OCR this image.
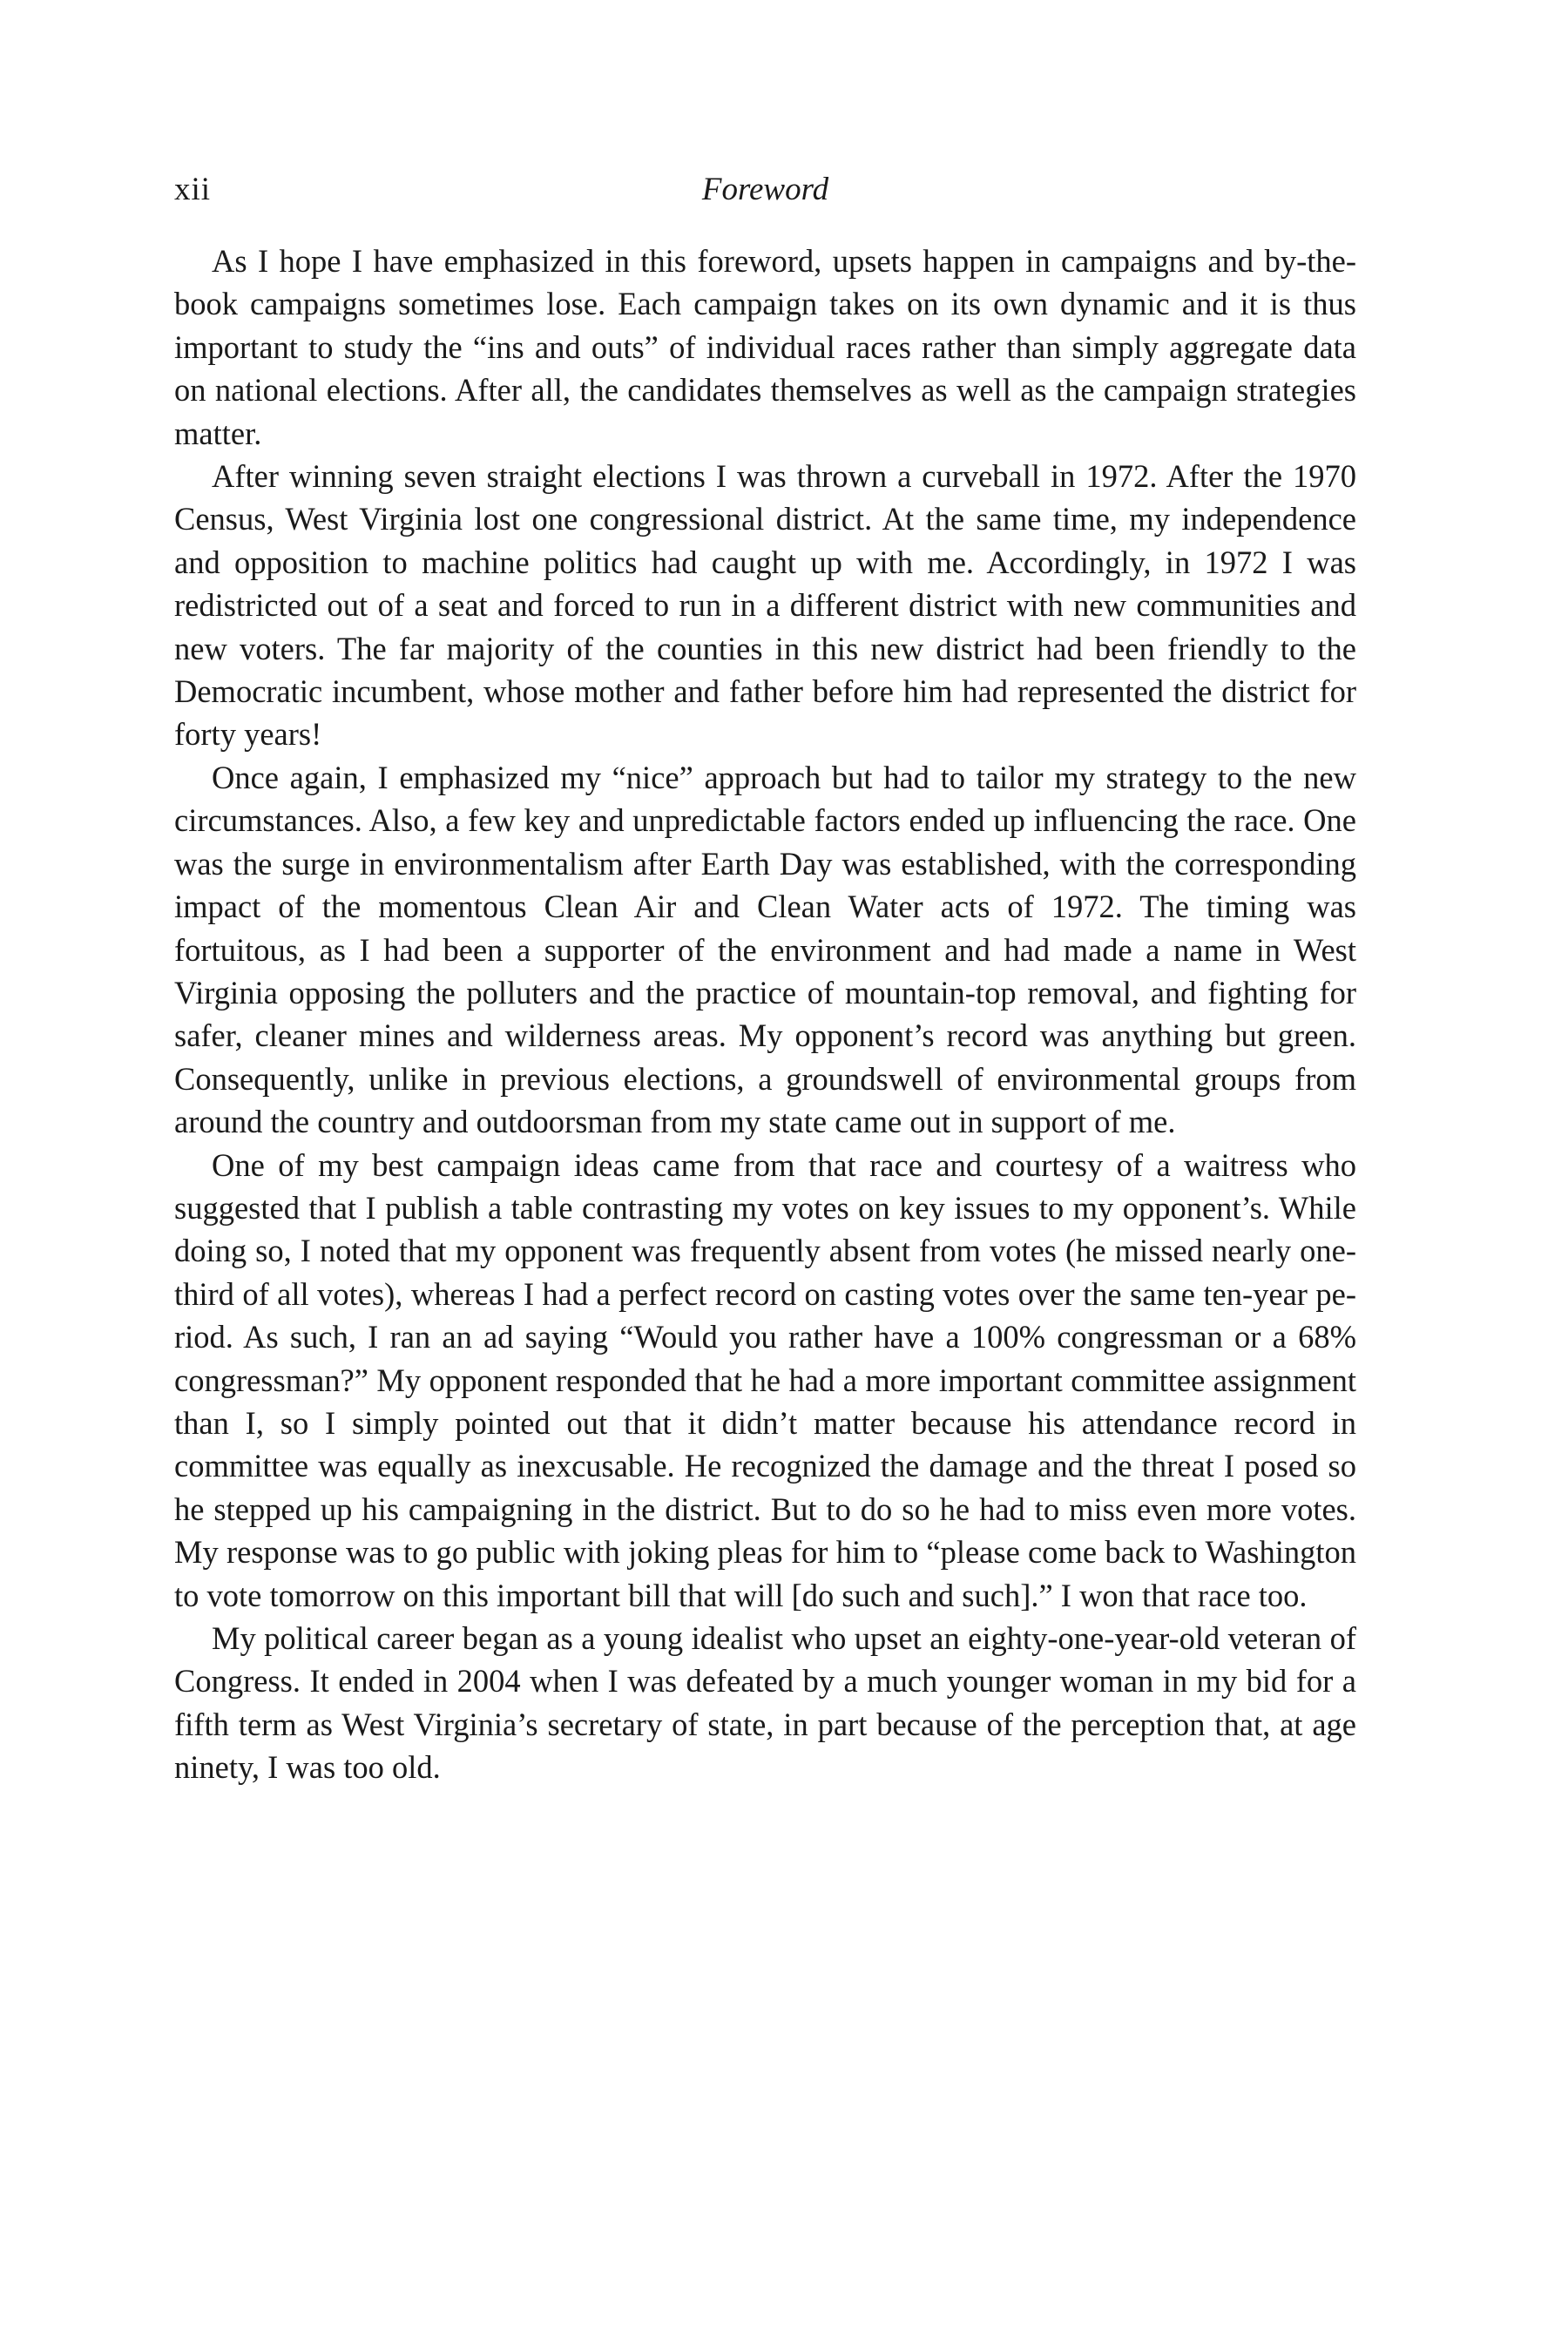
xii	Foreword

As I hope I have emphasized in this foreword, upsets happen in campaigns and by-the-book campaigns sometimes lose. Each campaign takes on its own dynamic and it is thus important to study the “ins and outs” of individual races rather than simply aggregate data on national elections. After all, the candidates themselves as well as the campaign strategies matter.

After winning seven straight elections I was thrown a curveball in 1972. After the 1970 Census, West Virginia lost one congressional district. At the same time, my independence and opposition to machine politics had caught up with me. Accordingly, in 1972 I was redistricted out of a seat and forced to run in a different district with new communities and new voters. The far majority of the counties in this new district had been friendly to the Democratic incumbent, whose mother and father before him had represented the district for forty years!

Once again, I emphasized my “nice” approach but had to tailor my strategy to the new circumstances. Also, a few key and unpredictable factors ended up influencing the race. One was the surge in environmentalism after Earth Day was established, with the corresponding impact of the momentous Clean Air and Clean Water acts of 1972. The timing was fortuitous, as I had been a supporter of the environment and had made a name in West Virginia opposing the polluters and the practice of mountain-top removal, and fighting for safer, cleaner mines and wilderness areas. My opponent’s record was anything but green. Consequently, unlike in previous elections, a groundswell of environmental groups from around the country and outdoorsman from my state came out in support of me.

One of my best campaign ideas came from that race and courtesy of a waitress who suggested that I publish a table contrasting my votes on key issues to my opponent’s. While doing so, I noted that my opponent was frequently absent from votes (he missed nearly one-third of all votes), whereas I had a perfect record on casting votes over the same ten-year period. As such, I ran an ad saying “Would you rather have a 100% congressman or a 68% congressman?” My opponent responded that he had a more important committee assignment than I, so I simply pointed out that it didn’t matter because his attendance record in committee was equally as inexcusable. He recognized the damage and the threat I posed so he stepped up his campaigning in the district. But to do so he had to miss even more votes. My response was to go public with joking pleas for him to “please come back to Washington to vote tomorrow on this important bill that will [do such and such].” I won that race too.

My political career began as a young idealist who upset an eighty-one-year-old veteran of Congress. It ended in 2004 when I was defeated by a much younger woman in my bid for a fifth term as West Virginia’s secretary of state, in part because of the perception that, at age ninety, I was too old.
